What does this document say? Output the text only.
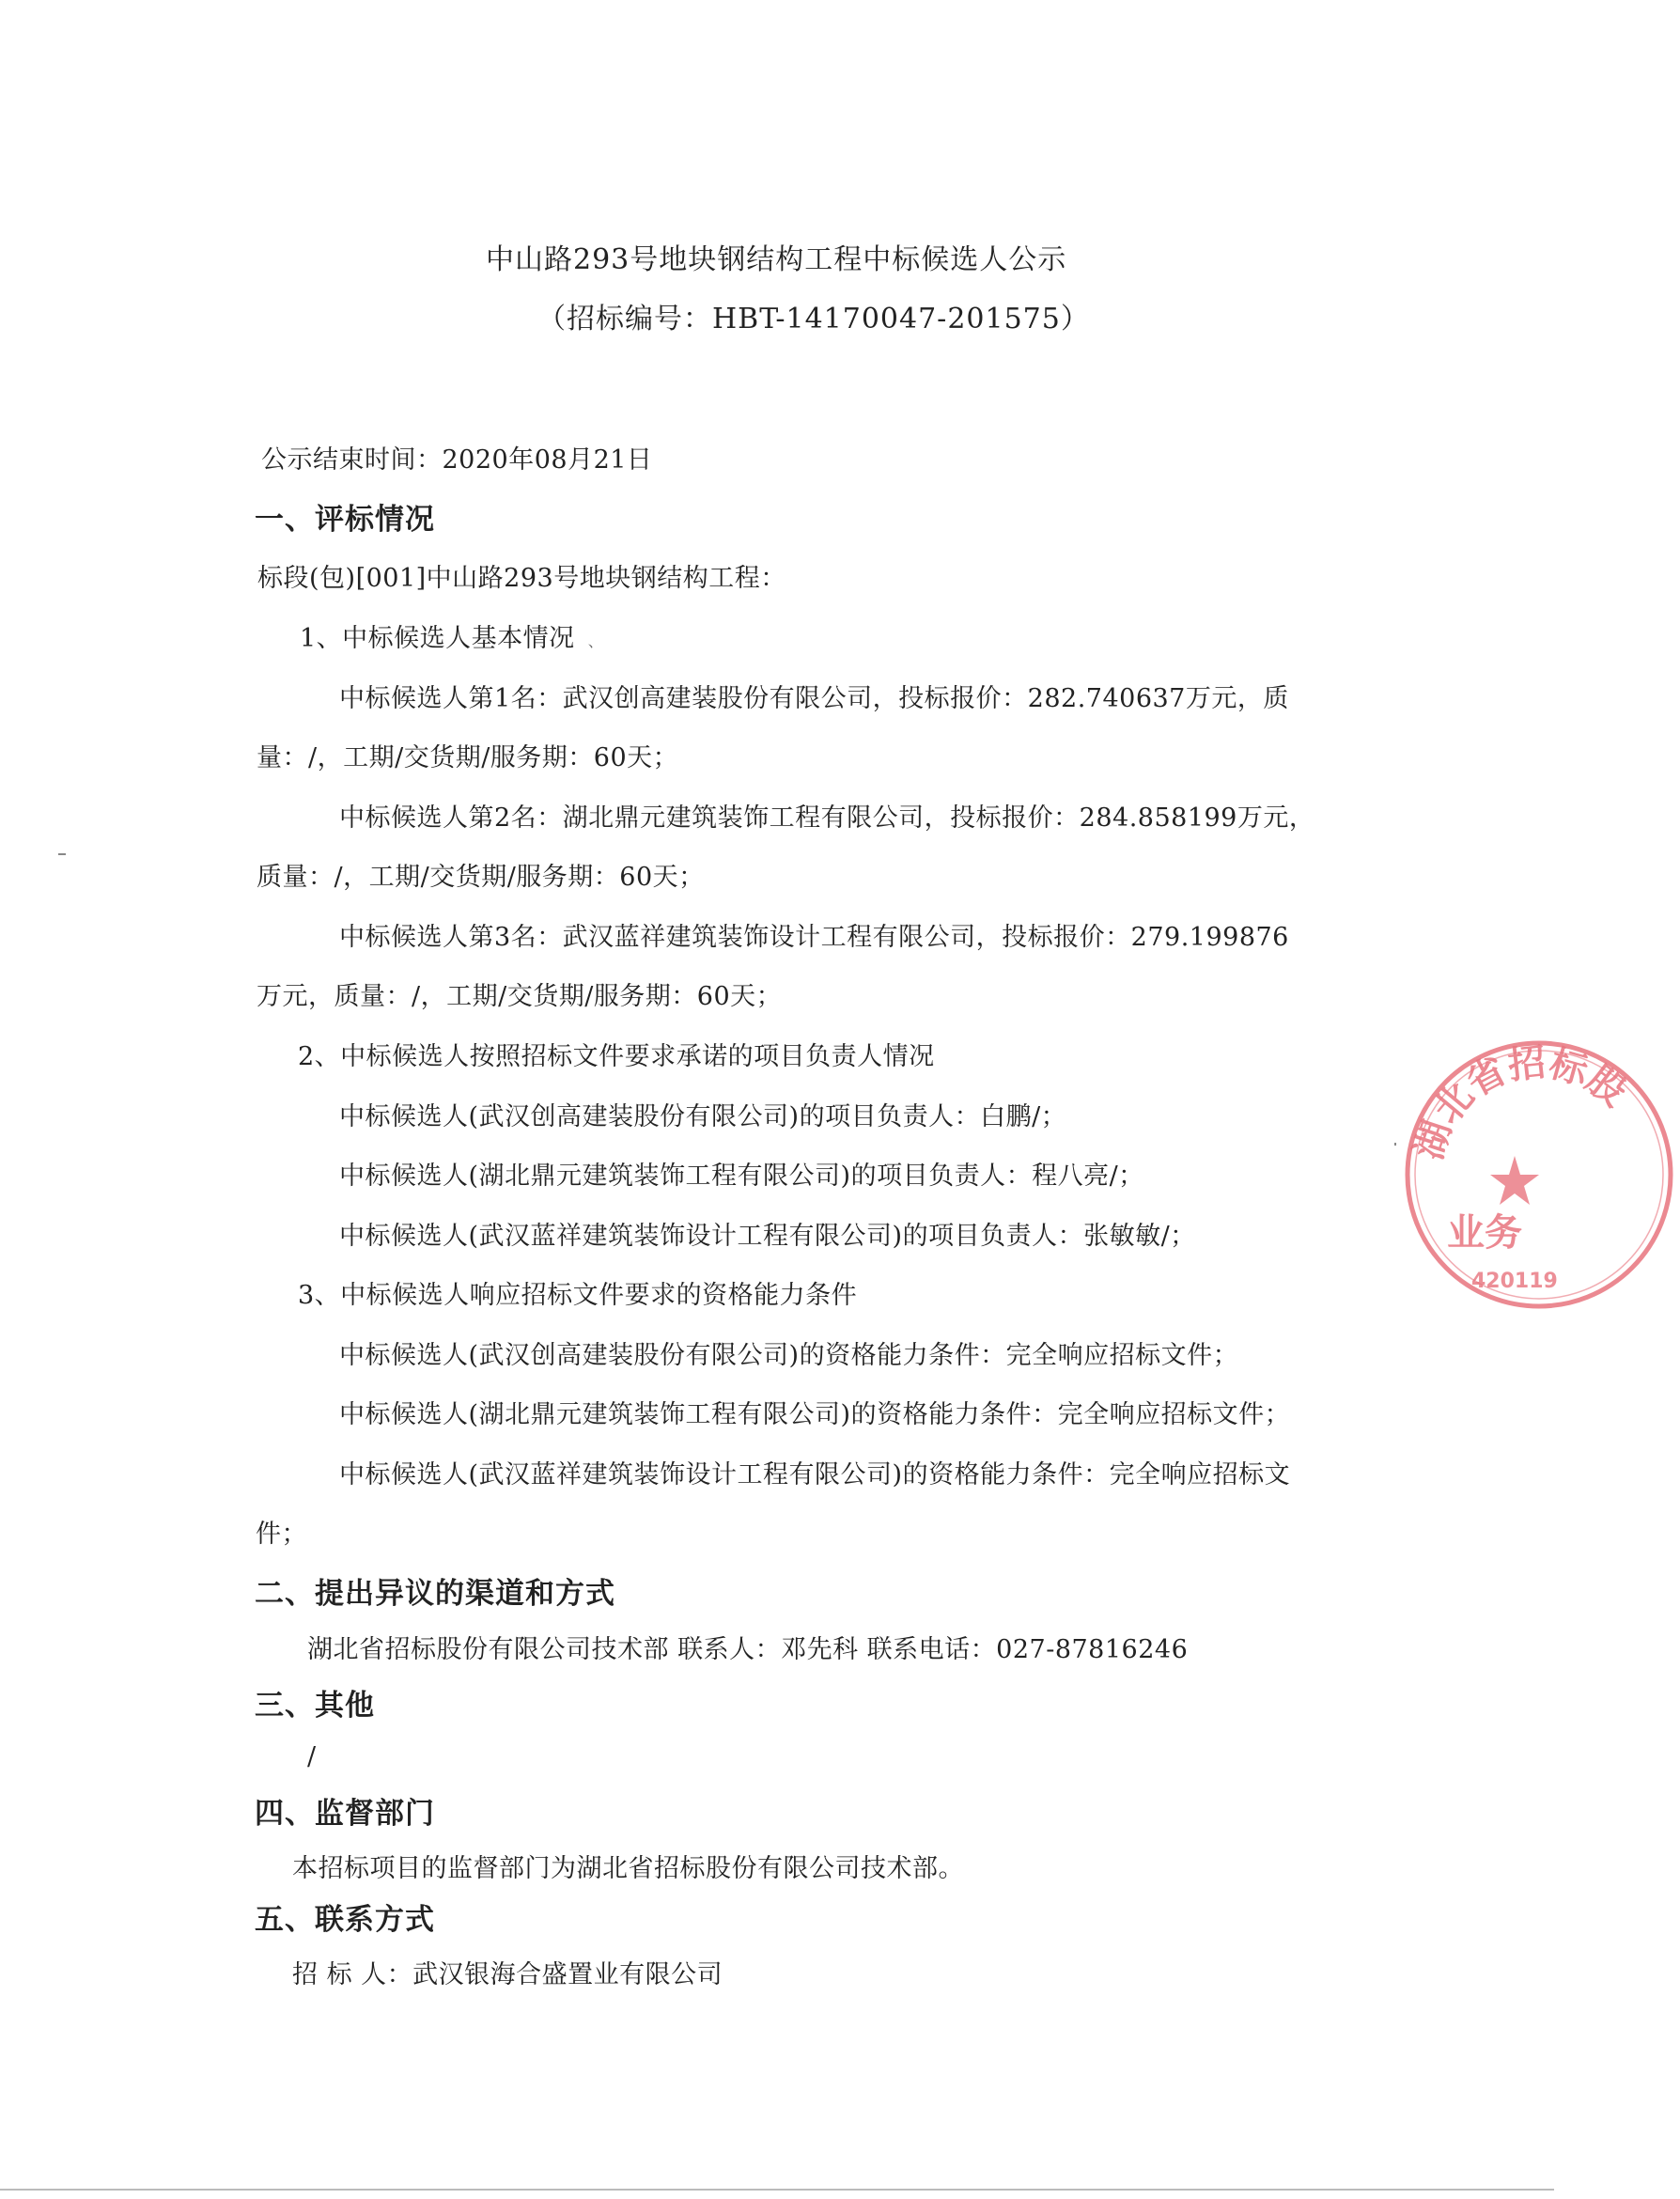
中山路293号地块钢结构工程中标候选人公示
（招标编号：HBT-14170047-201575）
公示结束时间：2020年08月21日
一、评标情况
标段(包)[001]中山路293号地块钢结构工程：
1、中标候选人基本情况 、
中标候选人第1名：武汉创高建装股份有限公司，投标报价：282.740637万元，质
量：/，工期/交货期/服务期：60天；
中标候选人第2名：湖北鼎元建筑装饰工程有限公司，投标报价：284.858199万元，
质量：/，工期/交货期/服务期：60天；
中标候选人第3名：武汉蓝祥建筑装饰设计工程有限公司，投标报价：279.199876
万元，质量：/，工期/交货期/服务期：60天；
2、中标候选人按照招标文件要求承诺的项目负责人情况
中标候选人(武汉创高建装股份有限公司)的项目负责人：白鹏/；
中标候选人(湖北鼎元建筑装饰工程有限公司)的项目负责人：程八亮/；
中标候选人(武汉蓝祥建筑装饰设计工程有限公司)的项目负责人：张敏敏/；
3、中标候选人响应招标文件要求的资格能力条件
中标候选人(武汉创高建装股份有限公司)的资格能力条件：完全响应招标文件；
中标候选人(湖北鼎元建筑装饰工程有限公司)的资格能力条件：完全响应招标文件；
中标候选人(武汉蓝祥建筑装饰设计工程有限公司)的资格能力条件：完全响应招标文
件；
二、提出异议的渠道和方式
湖北省招标股份有限公司技术部 联系人：邓先科 联系电话：027-87816246
三、其他
/
四、监督部门
本招标项目的监督部门为湖北省招标股份有限公司技术部。
五、联系方式
招 标 人：武汉银海合盛置业有限公司
湖北省招标股
业务
420119
